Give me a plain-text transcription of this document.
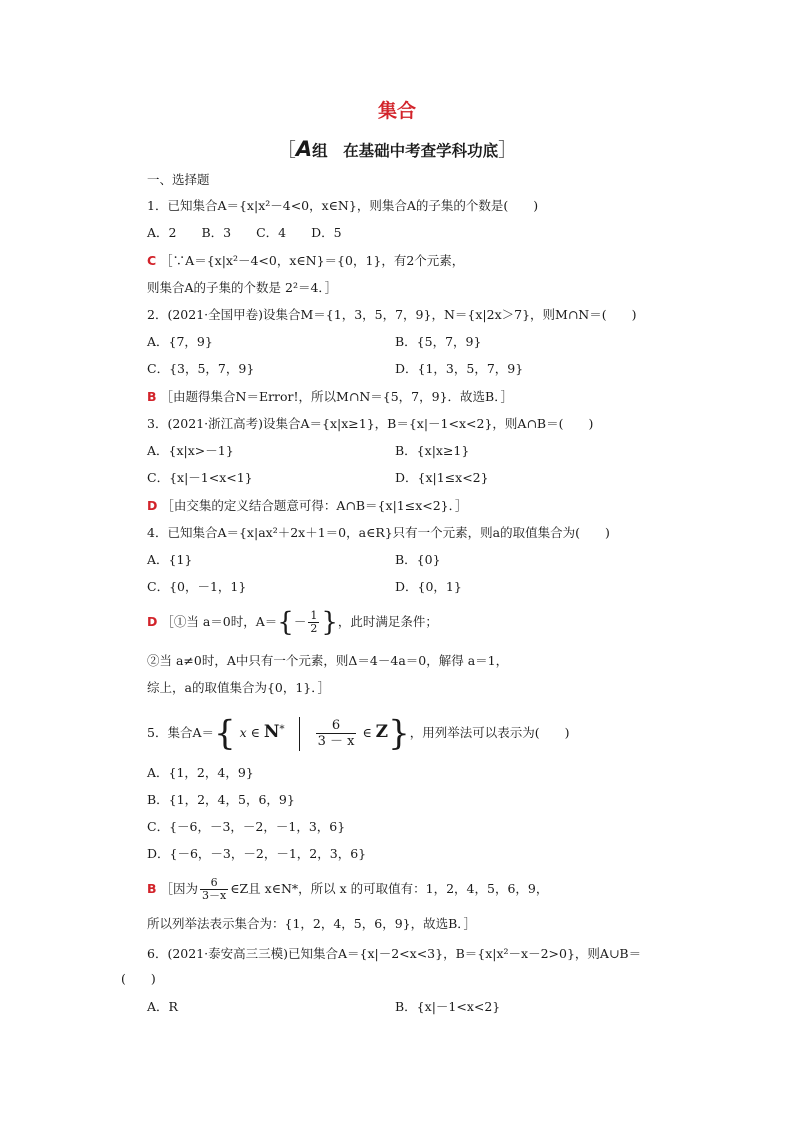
集合
［A组　在基础中考查学科功底］
一、选择题
1．已知集合A＝{x|x²－4<0，x∈N}，则集合A的子集的个数是(　　)
A．2　　B．3　　C．4　　D．5
C ［∵A＝{x|x²－4<0，x∈N}＝{0，1}，有2个元素，
则集合A的子集的个数是 2²＝4．］
2．(2021·全国甲卷)设集合M＝{1，3，5，7，9}，N＝{x|2x＞7}，则M∩N＝(　　)
A．{7，9}	B．{5，7，9}
C．{3，5，7，9}	D．{1，3，5，7，9}
B ［由题得集合N＝Error!，所以M∩N＝{5，7，9}．故选B．］
3．(2021·浙江高考)设集合A＝{x|x≥1}，B＝{x|－1<x<2}，则A∩B＝(　　)
A．{x|x>－1}	B．{x|x≥1}
C．{x|－1<x<1}	D．{x|1≤x<2}
D ［由交集的定义结合题意可得：A∩B＝{x|1≤x<2}．］
4．已知集合A＝{x|ax²＋2x＋1＝0，a∈R}只有一个元素，则a的取值集合为(　　)
A．{1}	B．{0}
C．{0，－1，1}	D．{0，1}
D ［①当 a＝0时，$A=\{- \frac{1}{2}$ }，此时满足条件；
②当 a≠0时，A中只有一个元素，则Δ＝4－4a＝0，解得 a＝1，
综上，a的取值集合为{0，1}．］
5．集合A＝{ x ∈ $N^* \frac{6}{3 - x}$ ∈ Z}，用列举法可以表示为(　　)
A．{1，2，4，9}
B．{1，2，4，5，6，9}
C．{－6，－3，－2，－1，3，6}
D．{－6，－3，－2，－1，2，3，6}
B ［因为 $\frac{6}{3-x}$ ∈Z且 x∈N*，所以 x 的可取值有：1，2，4，5，6，9，
所以列举法表示集合为：{1，2，4，5，6，9}，故选B．］
6．(2021·泰安高三三模)已知集合A＝{x|－2<x<3}，B＝{x|x²－x－2>0}，则A∪B＝
(　　)
A．R	B．{x|－1<x<2}
